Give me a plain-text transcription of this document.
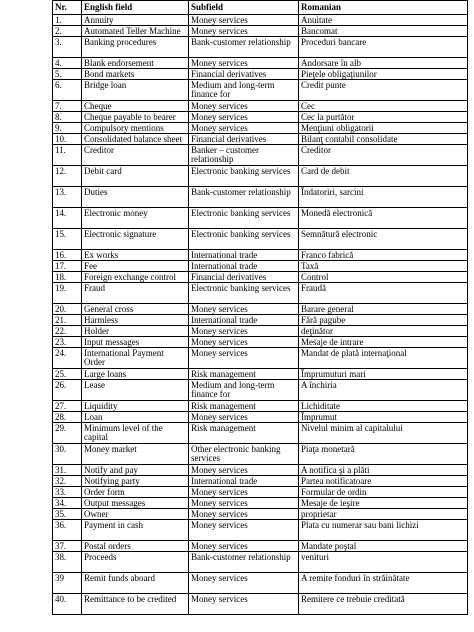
Nr.	English field	Subfield	Romanian
1.	Annuity	Money services	Anuitate
2.	Automated Teller Machine	Money services	Bancomat
3.	Banking procedures	Bank-customer relationship	Proceduri bancare
4.	Blank endorsement	Money services	Andorsare în alb
5.	Bond markets	Financial derivatives	Pieţele obligaţiunilor
6.	Bridge loan	Medium and long-term finance for	Credit punte
7.	Cheque	Money services	Cec
8.	Cheque payable to bearer	Money services	Cec la purtător
9.	Compulsory mentions	Money services	Menţiuni obligatorii
10.	Consolidated balance sheet	Financial derivatives	Bilanţ contabil consolidate
11.	Creditor	Banker – customer relationship	Creditor
12.	Debit card	Electronic banking services	Card de debit
13.	Duties	Bank-customer relationship	Îndatoriri, sarcini
14.	Electronic money	Electronic banking services	Monedă electronică
15.	Electronic signature	Electronic banking services	Semnătură electronic
16.	Ex works	International trade	Franco fabrică
17.	Fee	International trade	Taxă
18.	Foreign exchange control	Financial derivatives	Control
19.	Fraud	Electronic banking services	Fraudă
20.	General cross	Money services	Barare general
21.	Harmless	International trade	Fără pagube
22.	Holder	Money services	deţinător
23.	Input messages	Money services	Mesaje de intrare
24.	International Payment Order	Money services	Mandat de plată internaţional
25.	Large loans	Risk management	Împrumuturi mari
26.	Lease	Medium and long-term finance for	A închiria
27.	Liquidity	Risk management	Lichiditate
28.	Loan	Money services	Împrumut
29.	Minimum level of the capital	Risk management	Nivelul minim al capitalului
30.	Money market	Other electronic banking services	Piaţa monetară
31.	Notify and pay	Money services	A notifica şi a plăti
32.	Notifying party	International trade	Partea notificatoare
33.	Order form	Money services	Formular de ordin
34.	Output messages	Money services	Mesaje de ieşire
35.	Owner	Money services	proprietar
36.	Payment in cash	Money services	Plata cu numerar sau bani lichizi
37.	Postal orders	Money services	Mandate poştal
38.	Proceeds	Bank-customer relationship	venituri
39	Remit funds aboard	Money services	A remite fonduri în străinătate
40.	Remittance to be credited	Money services	Remitere ce trebuie creditată
